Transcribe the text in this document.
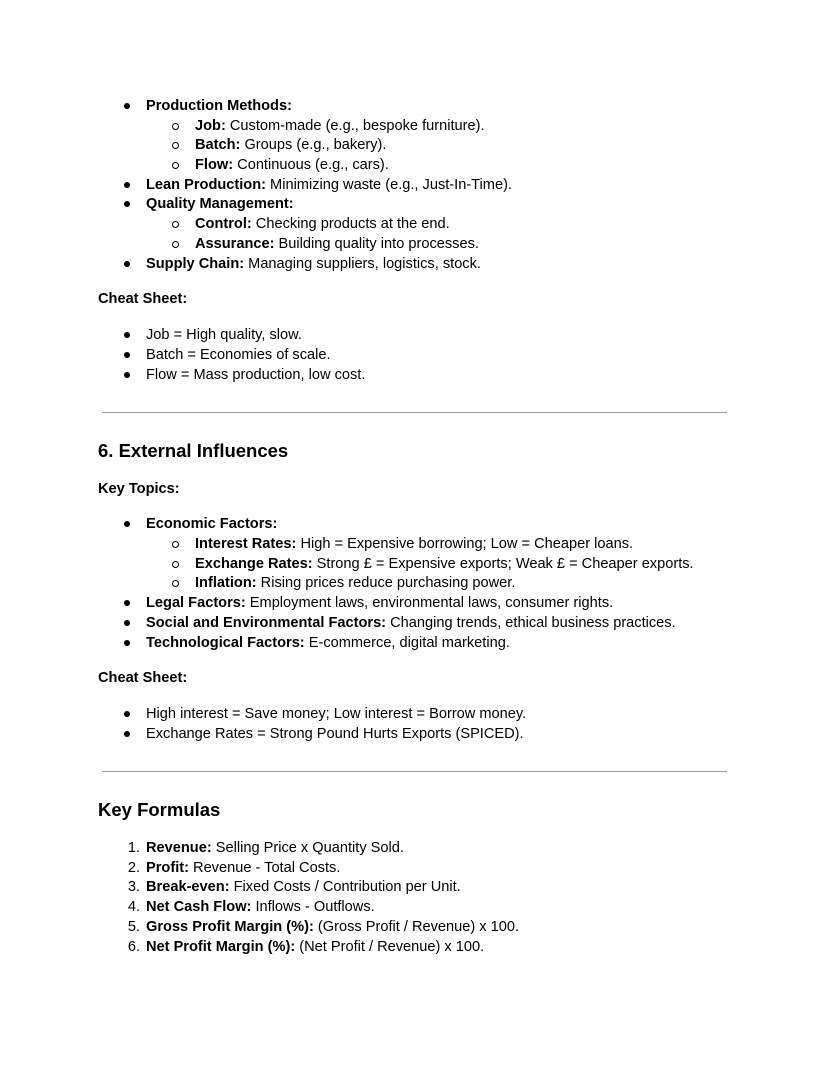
Production Methods:
Job: Custom-made (e.g., bespoke furniture).
Batch: Groups (e.g., bakery).
Flow: Continuous (e.g., cars).
Lean Production: Minimizing waste (e.g., Just-In-Time).
Quality Management:
Control: Checking products at the end.
Assurance: Building quality into processes.
Supply Chain: Managing suppliers, logistics, stock.
Cheat Sheet:
Job = High quality, slow.
Batch = Economies of scale.
Flow = Mass production, low cost.
6. External Influences
Key Topics:
Economic Factors:
Interest Rates: High = Expensive borrowing; Low = Cheaper loans.
Exchange Rates: Strong £ = Expensive exports; Weak £ = Cheaper exports.
Inflation: Rising prices reduce purchasing power.
Legal Factors: Employment laws, environmental laws, consumer rights.
Social and Environmental Factors: Changing trends, ethical business practices.
Technological Factors: E-commerce, digital marketing.
Cheat Sheet:
High interest = Save money; Low interest = Borrow money.
Exchange Rates = Strong Pound Hurts Exports (SPICED).
Key Formulas
1. Revenue: Selling Price x Quantity Sold.
2. Profit: Revenue - Total Costs.
3. Break-even: Fixed Costs / Contribution per Unit.
4. Net Cash Flow: Inflows - Outflows.
5. Gross Profit Margin (%): (Gross Profit / Revenue) x 100.
6. Net Profit Margin (%): (Net Profit / Revenue) x 100.
